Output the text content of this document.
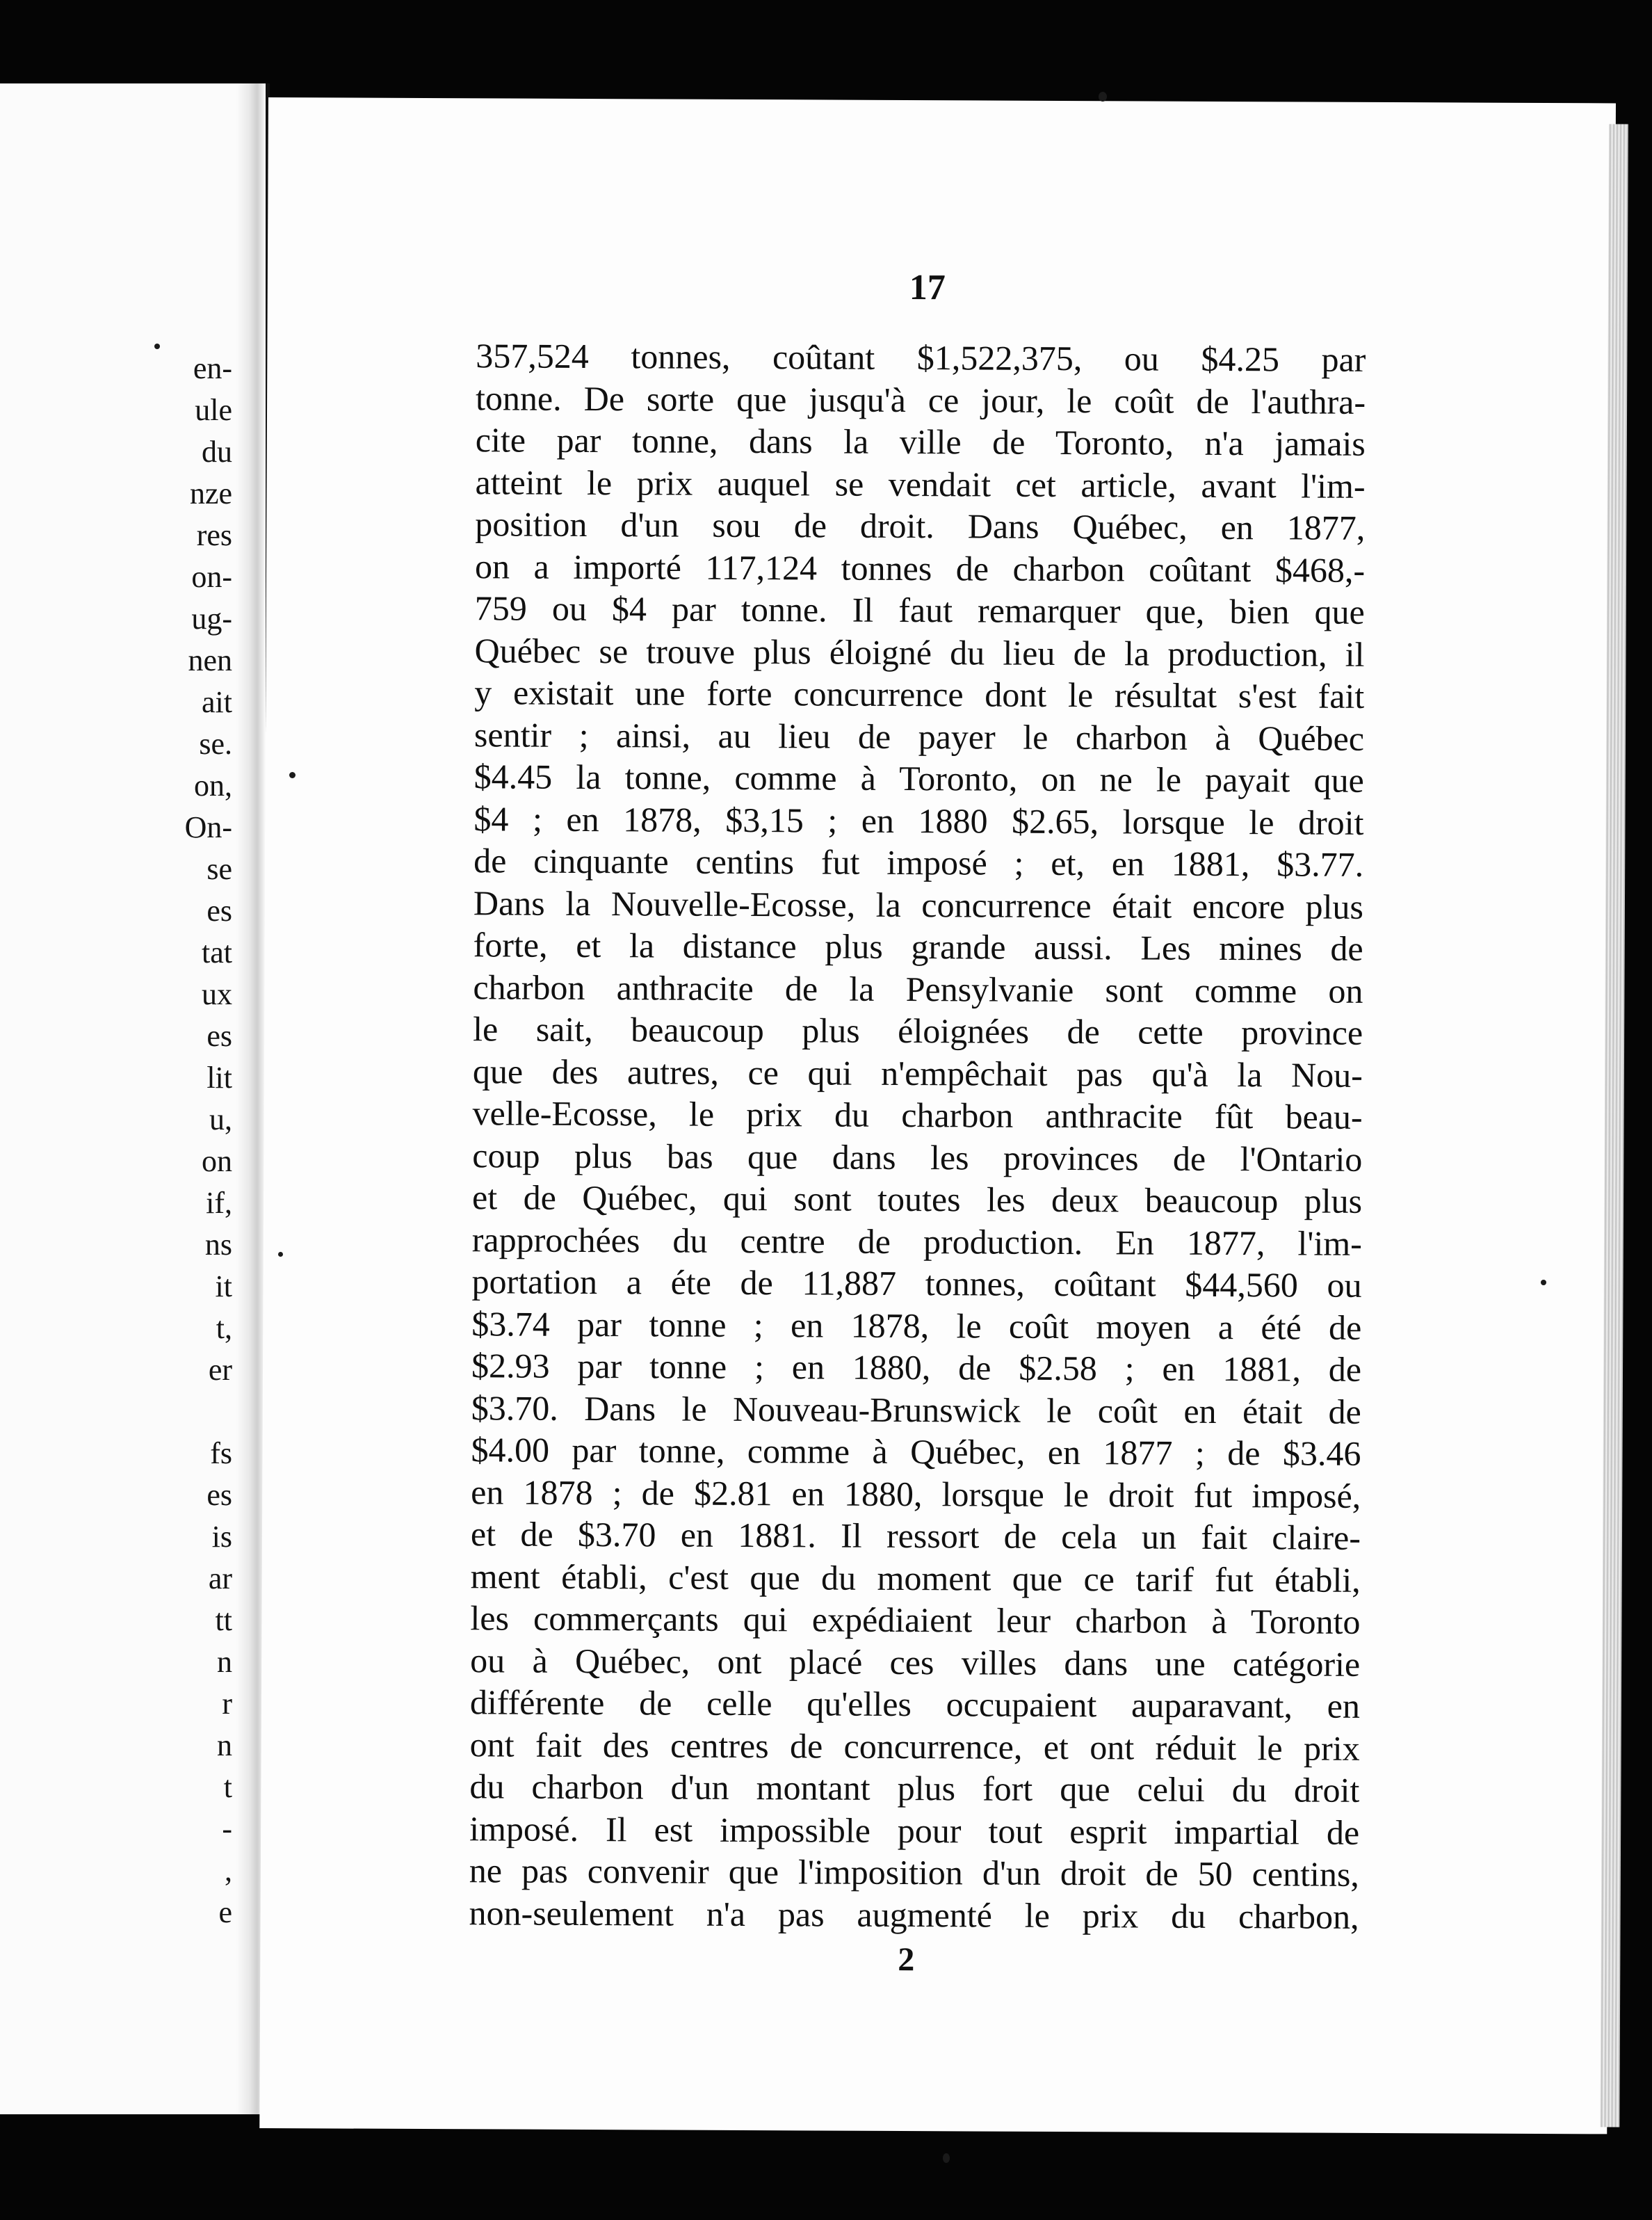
en-
ule
du
nze
res
on-
ug-
nen
ait
se.
on,
On-
se
es
tat
ux
es
lit
u,
on
if,
ns
it
t,
er

fs
es
is
ar
tt
n
r
n
t
-
,
e
17
357,524 tonnes, coûtant $1,522,375, ou $4.25 par
tonne. De sorte que jusqu'à ce jour, le coût de l'authra-
cite par tonne, dans la ville de Toronto, n'a jamais
atteint le prix auquel se vendait cet article, avant l'im-
position d'un sou de droit. Dans Québec, en 1877,
on a importé 117,124 tonnes de charbon coûtant $468,-
759 ou $4 par tonne. Il faut remarquer que, bien que
Québec se trouve plus éloigné du lieu de la production, il
y existait une forte concurrence dont le résultat s'est fait
sentir ; ainsi, au lieu de payer le charbon à Québec
$4.45 la tonne, comme à Toronto, on ne le payait que
$4 ; en 1878, $3,15 ; en 1880 $2.65, lorsque le droit
de cinquante centins fut imposé ; et, en 1881, $3.77.
Dans la Nouvelle-Ecosse, la concurrence était encore plus
forte, et la distance plus grande aussi. Les mines de
charbon anthracite de la Pensylvanie sont comme on
le sait, beaucoup plus éloignées de cette province
que des autres, ce qui n'empêchait pas qu'à la Nou-
velle-Ecosse, le prix du charbon anthracite fût beau-
coup plus bas que dans les provinces de l'Ontario
et de Québec, qui sont toutes les deux beaucoup plus
rapprochées du centre de production. En 1877, l'im-
portation a éte de 11,887 tonnes, coûtant $44,560 ou
$3.74 par tonne ; en 1878, le coût moyen a été de
$2.93 par tonne ; en 1880, de $2.58 ; en 1881, de
$3.70. Dans le Nouveau-Brunswick le coût en était de
$4.00 par tonne, comme à Québec, en 1877 ; de $3.46
en 1878 ; de $2.81 en 1880, lorsque le droit fut imposé,
et de $3.70 en 1881. Il ressort de cela un fait claire-
ment établi, c'est que du moment que ce tarif fut établi,
les commerçants qui expédiaient leur charbon à Toronto
ou à Québec, ont placé ces villes dans une catégorie
différente de celle qu'elles occupaient auparavant, en
ont fait des centres de concurrence, et ont réduit le prix
du charbon d'un montant plus fort que celui du droit
imposé. Il est impossible pour tout esprit impartial de
ne pas convenir que l'imposition d'un droit de 50 centins,
non-seulement n'a pas augmenté le prix du charbon,
2
